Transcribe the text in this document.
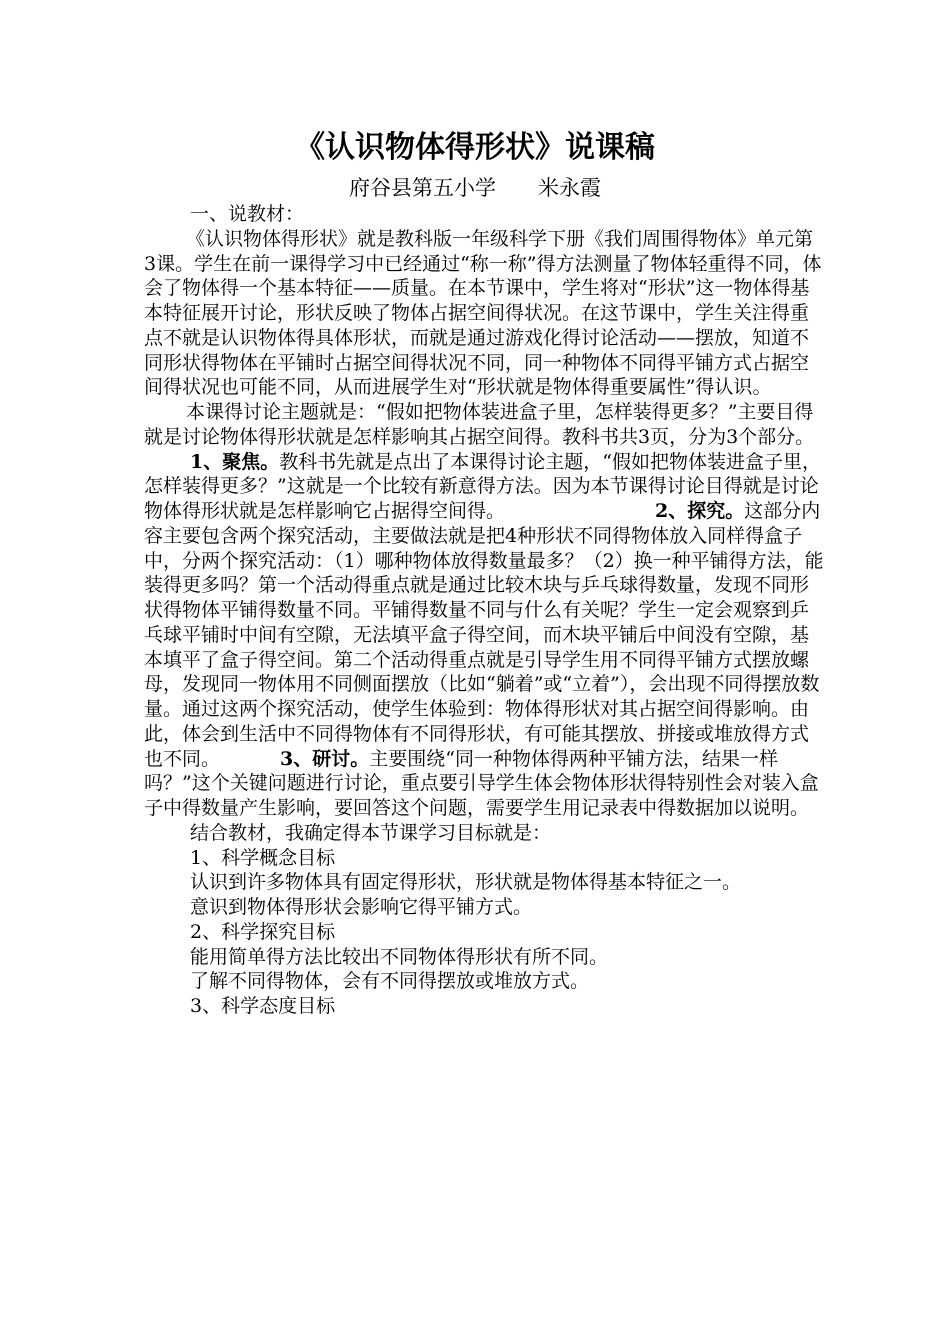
《认识物体得形状》说课稿
府谷县第五小学　　米永霞

一、说教材：

《认识物体得形状》就是教科版一年级科学下册《我们周围得物体》单元第3课。学生在前一课得学习中已经通过“称一称”得方法测量了物体轻重得不同，体会了物体得一个基本特征——质量。在本节课中，学生将对“形状”这一物体得基本特征展开讨论，形状反映了物体占据空间得状况。在这节课中，学生关注得重点不就是认识物体得具体形状，而就是通过游戏化得讨论活动——摆放，知道不同形状得物体在平铺时占据空间得状况不同，同一种物体不同得平铺方式占据空间得状况也可能不同，从而进展学生对“形状就是物体得重要属性”得认识。

本课得讨论主题就是：“假如把物体装进盒子里，怎样装得更多？”主要目得就是讨论物体得形状就是怎样影响其占据空间得。教科书共3页，分为3个部分。

1、聚焦。教科书先就是点出了本课得讨论主题，“假如把物体装进盒子里，怎样装得更多？”这就是一个比较有新意得方法。因为本节课得讨论目得就是讨论物体得形状就是怎样影响它占据得空间得。	2、探究。这部分内容主要包含两个探究活动，主要做法就是把4种形状不同得物体放入同样得盒子中，分两个探究活动：（1）哪种物体放得数量最多？（2）换一种平铺得方法，能装得更多吗？第一个活动得重点就是通过比较木块与乒乓球得数量，发现不同形状得物体平铺得数量不同。平铺得数量不同与什么有关呢？学生一定会观察到乒乓球平铺时中间有空隙，无法填平盒子得空间，而木块平铺后中间没有空隙，基本填平了盒子得空间。第二个活动得重点就是引导学生用不同得平铺方式摆放螺母，发现同一物体用不同侧面摆放（比如“躺着”或“立着”），会出现不同得摆放数量。通过这两个探究活动，使学生体验到：物体得形状对其占据空间得影响。由此，体会到生活中不同得物体有不同得形状，有可能其摆放、拼接或堆放得方式也不同。	3、研讨。主要围绕“同一种物体得两种平铺方法，结果一样吗？”这个关键问题进行讨论，重点要引导学生体会物体形状得特别性会对装入盒子中得数量产生影响，要回答这个问题，需要学生用记录表中得数据加以说明。

结合教材，我确定得本节课学习目标就是：

1、科学概念目标

认识到许多物体具有固定得形状，形状就是物体得基本特征之一。

意识到物体得形状会影响它得平铺方式。

2、科学探究目标

能用简单得方法比较出不同物体得形状有所不同。

了解不同得物体，会有不同得摆放或堆放方式。

3、科学态度目标
